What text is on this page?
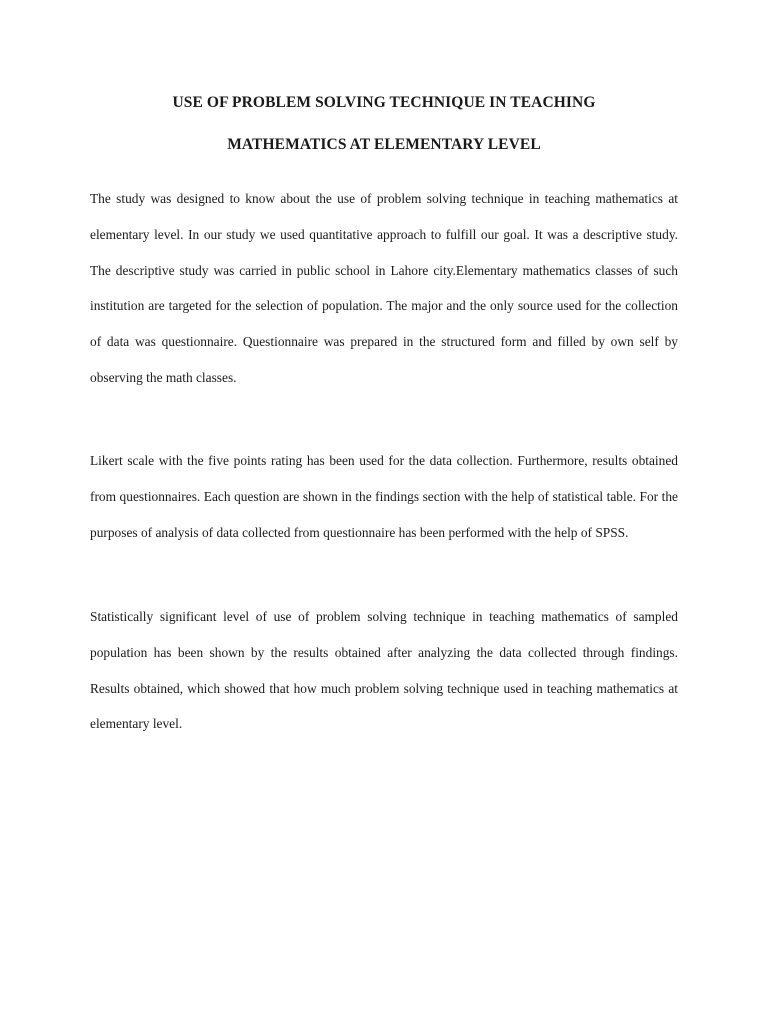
USE OF PROBLEM SOLVING TECHNIQUE IN TEACHING
MATHEMATICS AT ELEMENTARY LEVEL

The study was designed to know about the use of problem solving technique in teaching mathematics at elementary level. In our study we used quantitative approach to fulfill our goal. It was a descriptive study. The descriptive study was carried in public school in Lahore city.Elementary mathematics classes of such institution are targeted for the selection of population. The major and the only source used for the collection of data was questionnaire. Questionnaire was prepared in the structured form and filled by own self by observing the math classes.

Likert scale with the five points rating has been used for the data collection. Furthermore, results obtained from questionnaires. Each question are shown in the findings section with the help of statistical table. For the purposes of analysis of data collected from questionnaire has been performed with the help of SPSS.

Statistically significant level of use of problem solving technique in teaching mathematics of sampled population has been shown by the results obtained after analyzing the data collected through findings. Results obtained, which showed that how much problem solving technique used in teaching mathematics at elementary level.
